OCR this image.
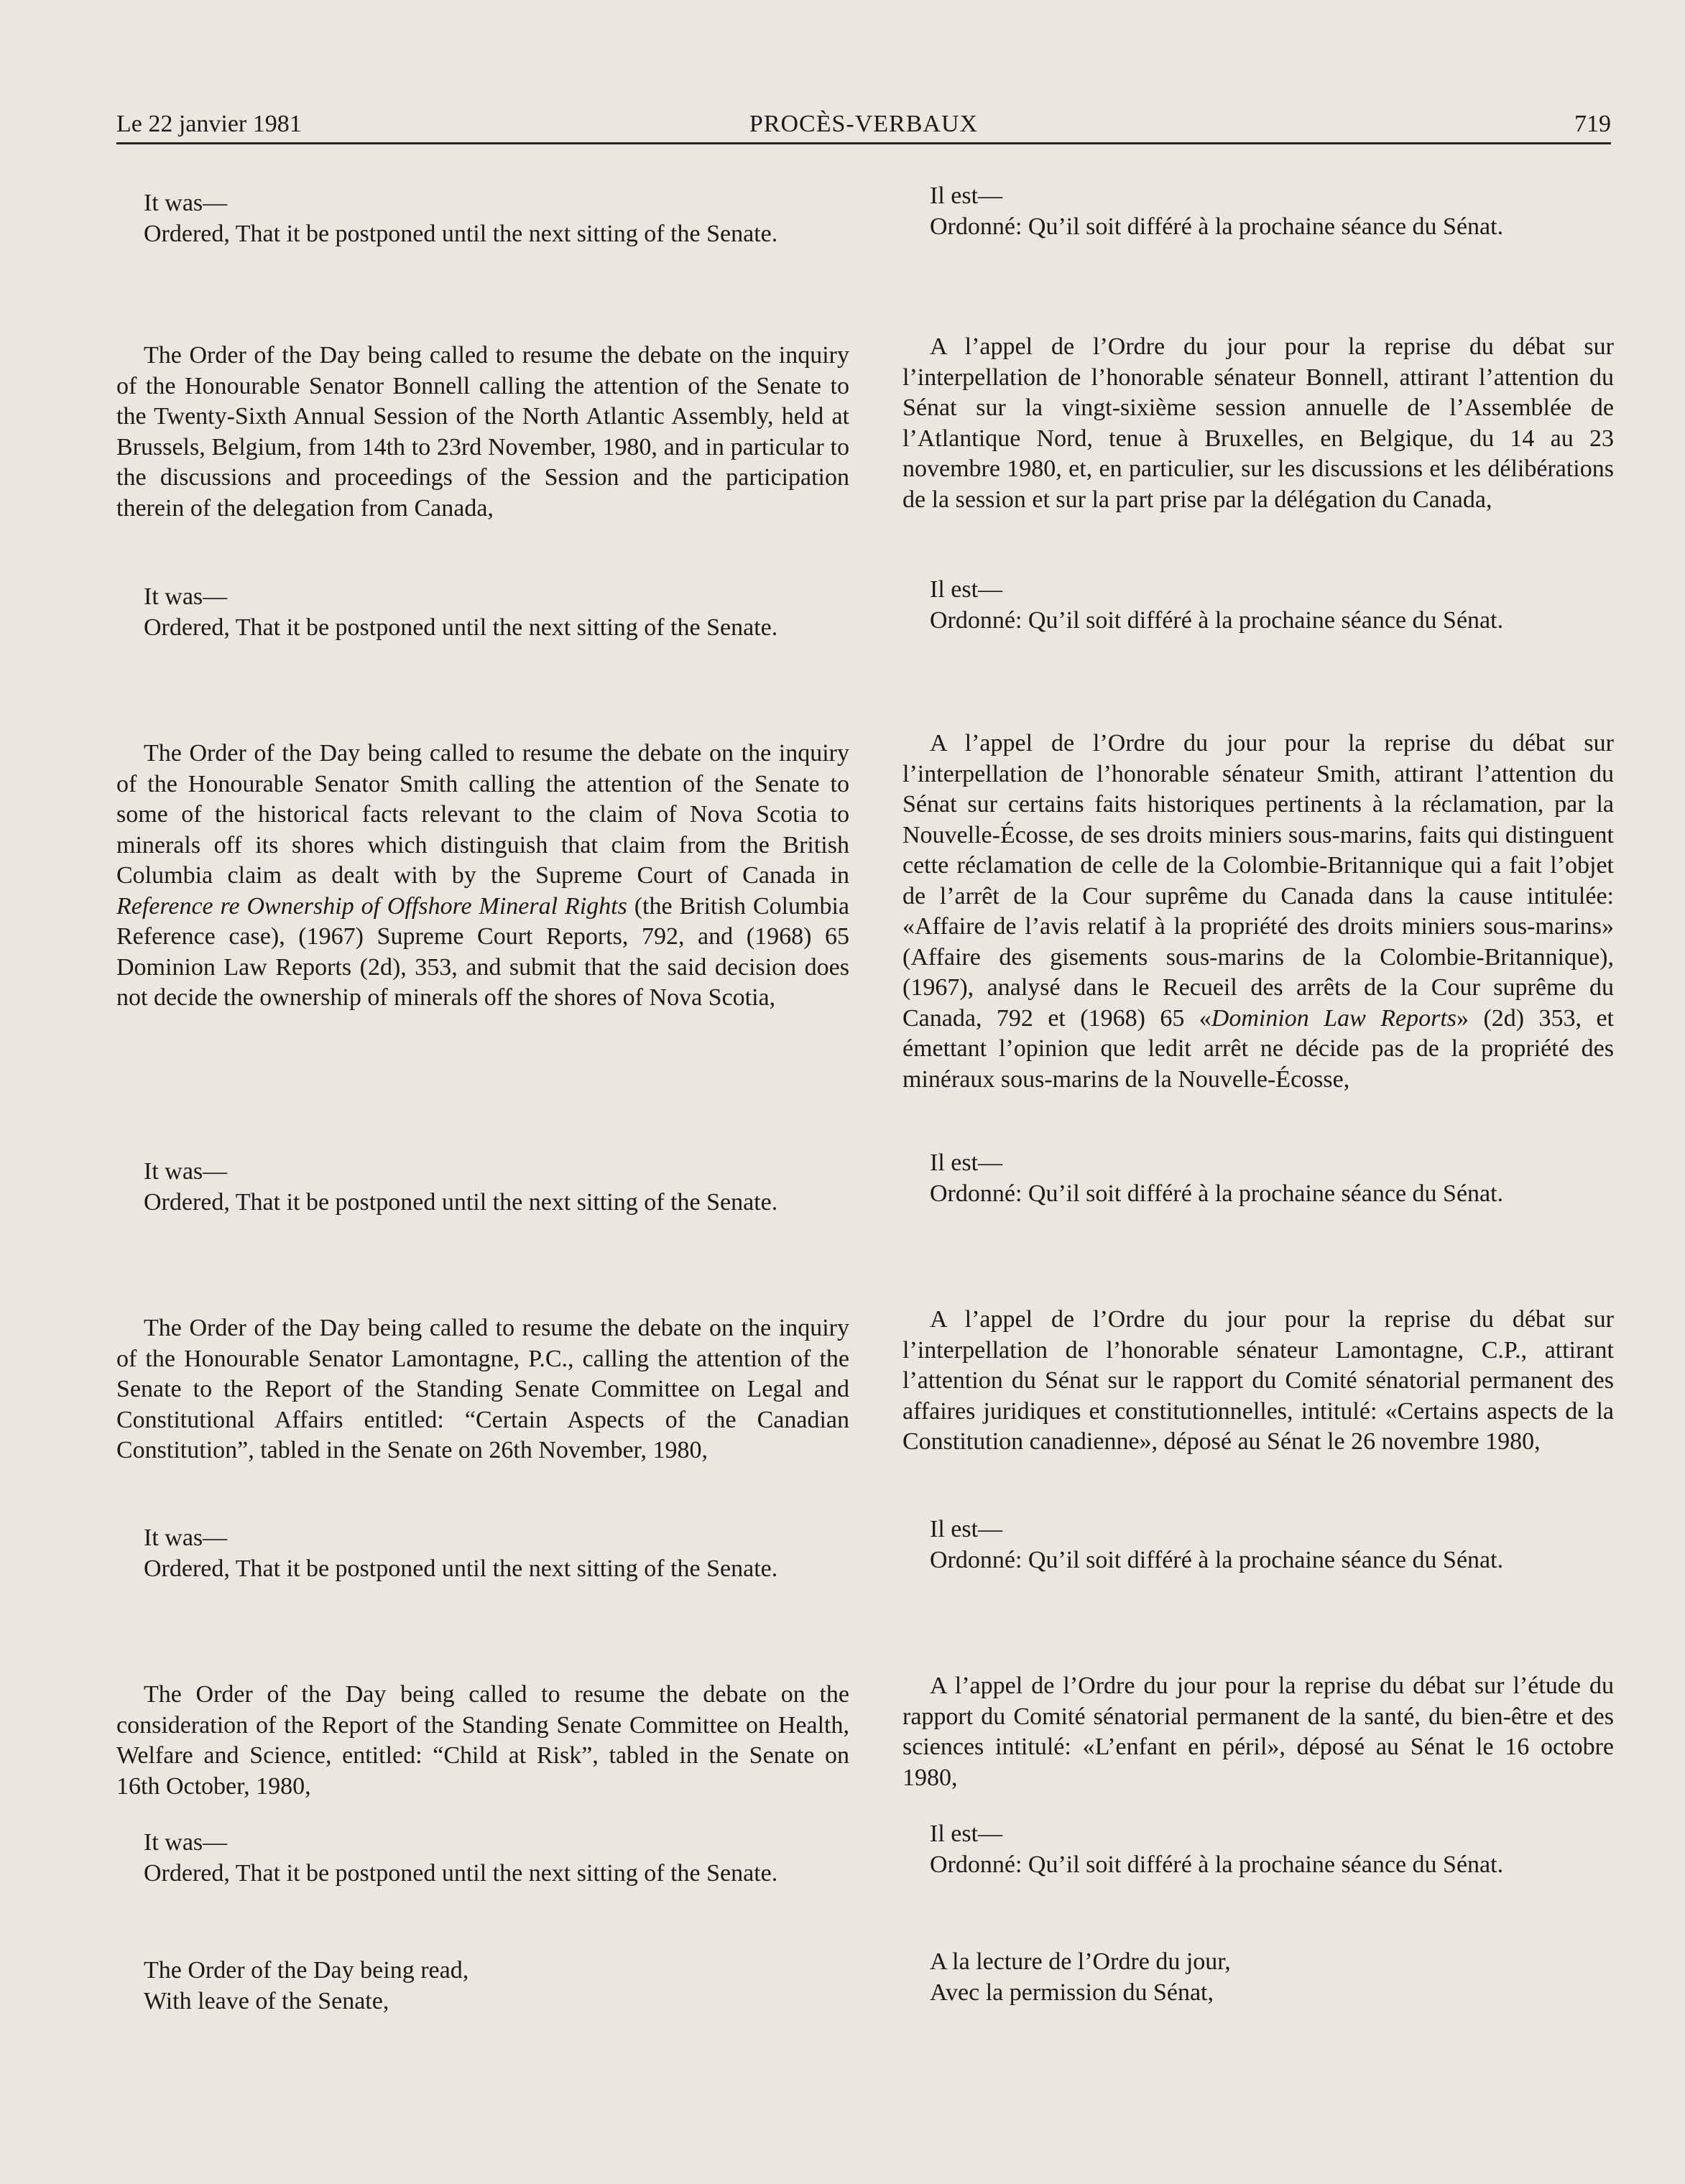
Le 22 janvier 1981	PROCÈS-VERBAUX	719

It was—

Ordered, That it be postponed until the next sitting of the Senate.

The Order of the Day being called to resume the debate on the inquiry of the Honourable Senator Bonnell calling the attention of the Senate to the Twenty-Sixth Annual Session of the North Atlantic Assembly, held at Brussels, Belgium, from 14th to 23rd November, 1980, and in particular to the discussions and proceedings of the Session and the participation therein of the delegation from Canada,

It was—

Ordered, That it be postponed until the next sitting of the Senate.

The Order of the Day being called to resume the debate on the inquiry of the Honourable Senator Smith calling the attention of the Senate to some of the historical facts relevant to the claim of Nova Scotia to minerals off its shores which distinguish that claim from the British Columbia claim as dealt with by the Supreme Court of Canada in Reference re Ownership of Offshore Mineral Rights (the British Columbia Reference case), (1967) Supreme Court Reports, 792, and (1968) 65 Dominion Law Reports (2d), 353, and submit that the said decision does not decide the ownership of minerals off the shores of Nova Scotia,

It was—

Ordered, That it be postponed until the next sitting of the Senate.

The Order of the Day being called to resume the debate on the inquiry of the Honourable Senator Lamontagne, P.C., calling the attention of the Senate to the Report of the Standing Senate Committee on Legal and Constitutional Affairs entitled: “Certain Aspects of the Canadian Constitution”, tabled in the Senate on 26th November, 1980,

It was—

Ordered, That it be postponed until the next sitting of the Senate.

The Order of the Day being called to resume the debate on the consideration of the Report of the Standing Senate Committee on Health, Welfare and Science, entitled: “Child at Risk”, tabled in the Senate on 16th October, 1980,

It was—

Ordered, That it be postponed until the next sitting of the Senate.

The Order of the Day being read,

With leave of the Senate,

Il est—

Ordonné: Qu’il soit différé à la prochaine séance du Sénat.

A l’appel de l’Ordre du jour pour la reprise du débat sur l’interpellation de l’honorable sénateur Bonnell, attirant l’attention du Sénat sur la vingt-sixième session annuelle de l’Assemblée de l’Atlantique Nord, tenue à Bruxelles, en Belgique, du 14 au 23 novembre 1980, et, en particulier, sur les discussions et les délibérations de la session et sur la part prise par la délégation du Canada,

Il est—

Ordonné: Qu’il soit différé à la prochaine séance du Sénat.

A l’appel de l’Ordre du jour pour la reprise du débat sur l’interpellation de l’honorable sénateur Smith, attirant l’attention du Sénat sur certains faits historiques pertinents à la réclamation, par la Nouvelle-Écosse, de ses droits miniers sous-marins, faits qui distinguent cette réclamation de celle de la Colombie-Britannique qui a fait l’objet de l’arrêt de la Cour suprême du Canada dans la cause intitulée: «Affaire de l’avis relatif à la propriété des droits miniers sous-marins» (Affaire des gisements sous-marins de la Colombie-Britannique), (1967), analysé dans le Recueil des arrêts de la Cour suprême du Canada, 792 et (1968) 65 «Dominion Law Reports» (2d) 353, et émettant l’opinion que ledit arrêt ne décide pas de la propriété des minéraux sous-marins de la Nouvelle-Écosse,

Il est—

Ordonné: Qu’il soit différé à la prochaine séance du Sénat.

A l’appel de l’Ordre du jour pour la reprise du débat sur l’interpellation de l’honorable sénateur Lamontagne, C.P., attirant l’attention du Sénat sur le rapport du Comité sénatorial permanent des affaires juridiques et constitutionnelles, intitulé: «Certains aspects de la Constitution canadienne», déposé au Sénat le 26 novembre 1980,

Il est—

Ordonné: Qu’il soit différé à la prochaine séance du Sénat.

A l’appel de l’Ordre du jour pour la reprise du débat sur l’étude du rapport du Comité sénatorial permanent de la santé, du bien-être et des sciences intitulé: «L’enfant en péril», déposé au Sénat le 16 octobre 1980,

Il est—

Ordonné: Qu’il soit différé à la prochaine séance du Sénat.

A la lecture de l’Ordre du jour,

Avec la permission du Sénat,
